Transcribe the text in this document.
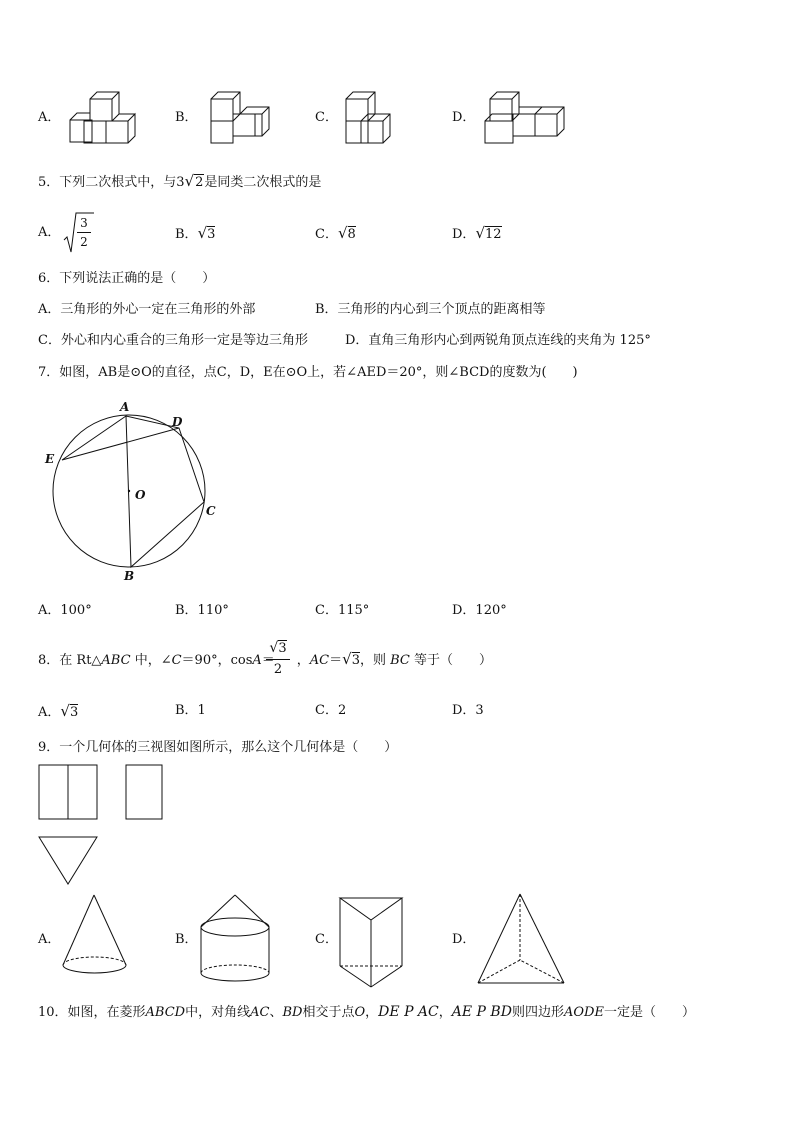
A．	B．	C．	D．
5．下列二次根式中，与3√2是同类二次根式的是
A．
3
2	B．√3	C．√8	D．√12
6．下列说法正确的是（　　）
A．三角形的外心一定在三角形的外部	B．三角形的内心到三个顶点的距离相等
C．外心和内心重合的三角形一定是等边三角形	D．直角三角形内心到两锐角顶点连线的夹角为 125°
7．如图，AB是⊙O的直径，点C，D，E在⊙O上，若∠AED＝20°，则∠BCD的度数为(　　)
A
D
E
O
C
B
A．100°	B．110°	C．115°	D．120°
8．在 Rt△ABC 中，∠C＝90°，cosA＝ ，AC＝√3，则 BC 等于（　　）
√3
2
A．√3	B．1	C．2	D．3
9．一个几何体的三视图如图所示，那么这个几何体是（　　）
A．	B．	C．	D．
10．如图，在菱形ABCD中，对角线AC、BD相交于点O，DE P AC，AE P BD则四边形AODE一定是（　　）
